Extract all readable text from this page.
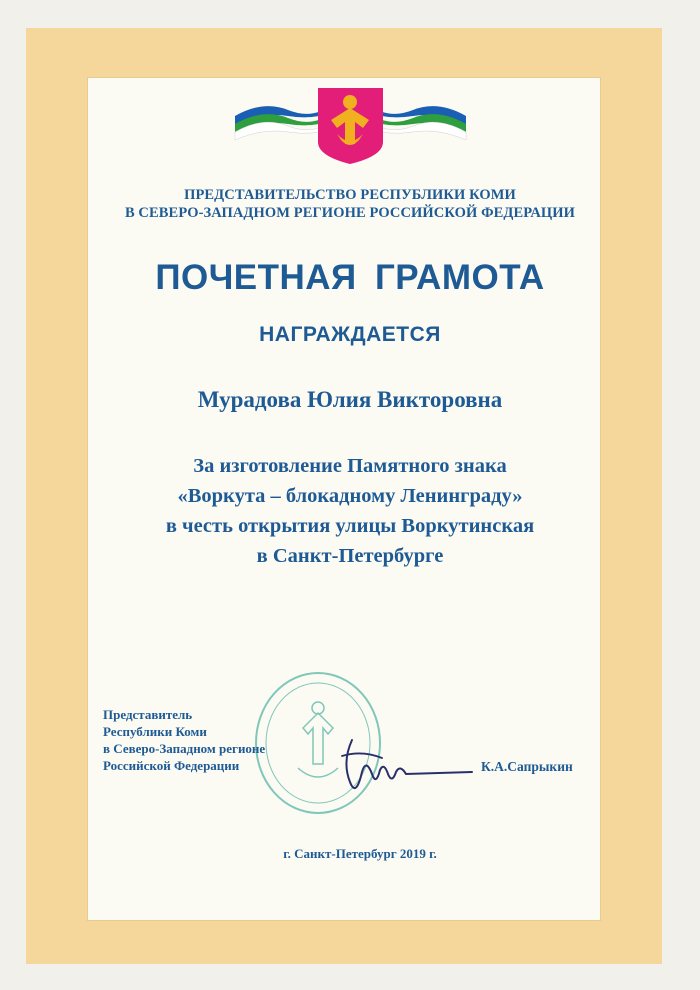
ПРЕДСТАВИТЕЛЬСТВО РЕСПУБЛИКИ КОМИ
В СЕВЕРО-ЗАПАДНОМ РЕГИОНЕ РОССИЙСКОЙ ФЕДЕРАЦИИ
ПОЧЕТНАЯ ГРАМОТА
НАГРАЖДАЕТСЯ
Мурадова Юлия Викторовна
За изготовление Памятного знака
«Воркута – блокадному Ленинграду»
в честь открытия улицы Воркутинская
в Санкт-Петербурге
Представитель
Республики Коми
в Северо-Западном регионе
Российской Федерации	К.А.Сапрыкин
г. Санкт-Петербург 2019 г.
